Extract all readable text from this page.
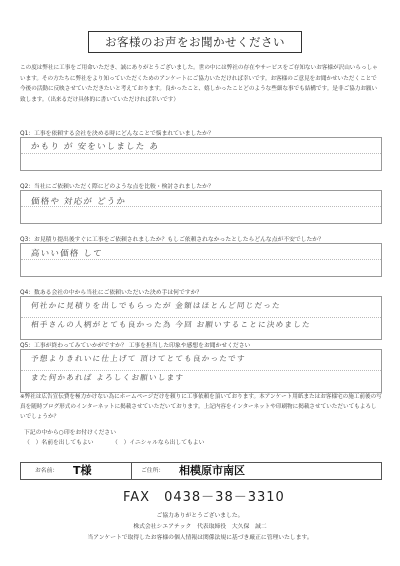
お客様のお声をお聞かせください
この度は弊社に工事をご用命いただき、誠にありがとうございました。世の中には弊社の存在やサービスをご存知ないお客様が沢山いらっしゃいます。その方たちに弊社をより知っていただくためのアンケートにご協力いただければ幸いです。お客様のご意見をお聞かせいただくことで今後の活動に反映させていただきたいと考えております。良かったこと、嬉しかったことどのような些細な事でも結構です。是非ご協力お願い致します。（出来るだけ具体的に書いていただければ幸いです）
Q1：工事を依頼する会社を決める時にどんなことで悩まれていましたか？
かもり が 安をいしました あ
Q2：当社にご依頼いただく際にどのような点を比較・検討されましたか？
価格や 対応が どうか
Q3：お見積り提出後すぐに工事をご依頼されましたか？もしご依頼されなかったとしたらどんな点が不安でしたか？
高いい価格 して
Q4：数ある会社の中から当社にご依頼いただいた決め手は何ですか？
何社かに見積りを出しでもらったが 金額はほとんど同じだった
相手さんの人柄がとても良かった為 今回 お願いすることに決めました
Q5：工事が終わってみていかがですか？ 工事を担当した印象や感想をお聞かせください
予想よりきれいに仕上げて 頂けてとても良かったです
また何かあれば よろしくお願いします
※弊社は広告宣伝費を極力かけない為にホームページだけを頼りに工事依頼を頂いております。本アンケート用紙またはお客様宅の施工前後の写真を随時ブログ形式のインターネットに掲載させていただいております。上記内容をインターネットや印刷物に掲載させていただいてもよろしいでしょうか？
下記の中から○印をお付けください
（　）名前を出してもよい	（　）イニシャルなら出してもよい
お名前： T様	ご住所： 相模原市南区
FAX　0438－38－3310
ご協力ありがとうございました。
株式会社シエアテック　代表取締役　大久保　誠二
当アンケートで取得したお客様の個人情報は関係法規に基づき厳正に管理いたします。
